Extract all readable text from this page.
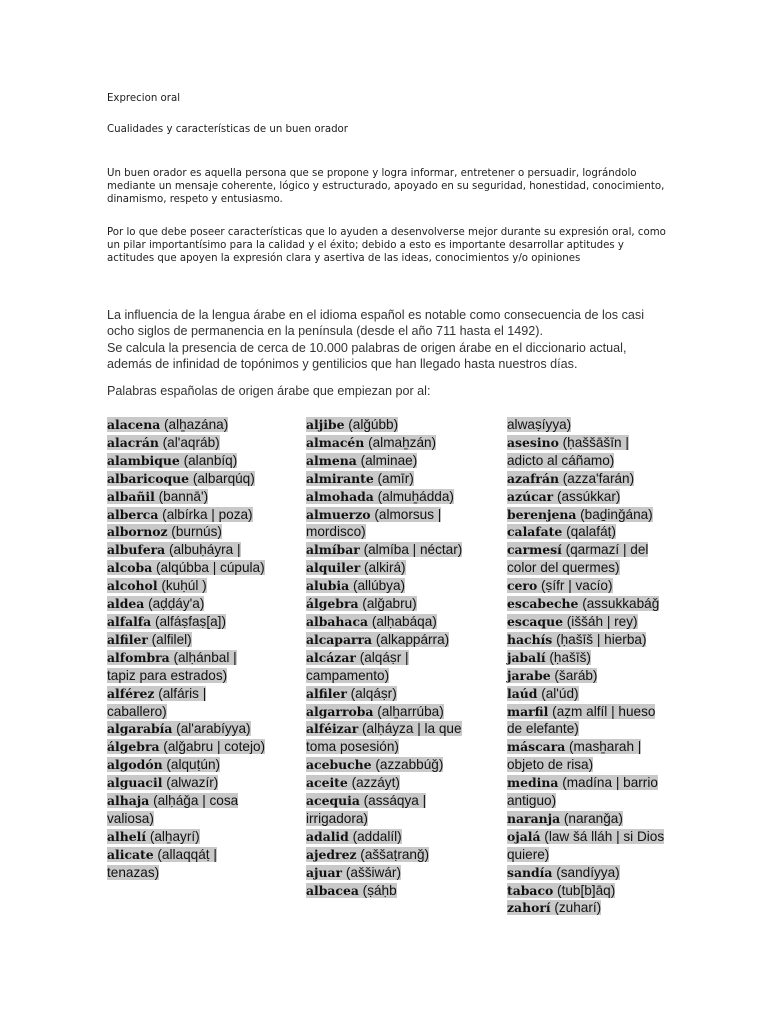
Exprecion oral

Cualidades y características de un buen orador

Un buen orador es aquella persona que se propone y logra informar, entretener o persuadir, lográndolo mediante un mensaje coherente, lógico y estructurado, apoyado en su seguridad, honestidad, conocimiento, dinamismo, respeto y entusiasmo.

Por lo que debe poseer características que lo ayuden a desenvolverse mejor durante su expresión oral, como un pilar importantísimo para la calidad y el éxito; debido a esto es importante desarrollar aptitudes y actitudes que apoyen la expresión clara y asertiva de las ideas, conocimientos y/o opiniones

La influencia de la lengua árabe en el idioma español es notable como consecuencia de los casi ocho siglos de permanencia en la península (desde el año 711 hasta el 1492).
Se calcula la presencia de cerca de 10.000 palabras de origen árabe en el diccionario actual, además de infinidad de topónimos y gentilicios que han llegado hasta nuestros días.

Palabras españolas de origen árabe que empiezan por al:

alacena (alẖazána)
alacrán (al'aqráb)
alambique (alanbíq)
albaricoque (albarqúq)
albañil (bannā')
alberca (albírka | poza)
albornoz (burnús)
albufera (albuḥáyra |
alcoba (alqúbba | cúpula)
alcohol (kuḥúl )
aldea (aḍḍáy'a)
alfalfa (alfáṣfaṣ[a])
alfiler (alfilel)
alfombra (alḥánbal | tapiz para estrados)
alférez (alfáris | caballero)
algarabía (al'arabíyya)
álgebra (alǧabru | cotejo)
algodón (alquṭún)
alguacil (alwazír)
alhaja (alḥáǧa | cosa valiosa)
alhelí (alẖayrí)
alicate (allaqqáṭ | tenazas)
aljibe (alǧúbb)
almacén (almaẖzán)
almena (alminae)
almirante (amīr)
almohada (almuẖádda)
almuerzo (almorsus | mordisco)
almíbar (almíba | néctar)
alquiler (alkirá)
alubia (allúbya)
álgebra (alǧabru)
albahaca (alḥabáqa)
alcaparra (alkappárra)
alcázar (alqáṣr | campamento)
alfiler (alqáṣr)
algarroba (alẖarrúba)
alféizar (alḥáyza | la que toma posesión)
acebuche (azzabbúǧ)
aceite (azzáyt)
acequia (assáqya | irrigadora)
adalid (addalíl)
ajedrez (aššaṭranǧ)
ajuar (aššiwár)
albacea (ṣáḥb
alwaṣíyya)
asesino (ḥaššāšīn | adicto al cáñamo)
azafrán (azza'farán)
azúcar (assúkkar)
berenjena (baḏinǧána)
calafate (qalafáṭ)
carmesí (qarmazí | del color del quermes)
cero (ṣífr | vacío)
escabeche (assukkabáǧ
escaque (iššáh | rey)
hachís (ḥašīš | hierba)
jabalí (ḥašīš)
jarabe (šaráb)
laúd (al'úd)
marfil (aẓm alfíl | hueso de elefante)
máscara (masẖarah | objeto de risa)
medina (madína | barrio antiguo)
naranja (naranǧa)
ojalá (law šá lláh | si Dios quiere)
sandía (sandíyya)
tabaco (tub[b]āq)
zahorí (zuharí)
